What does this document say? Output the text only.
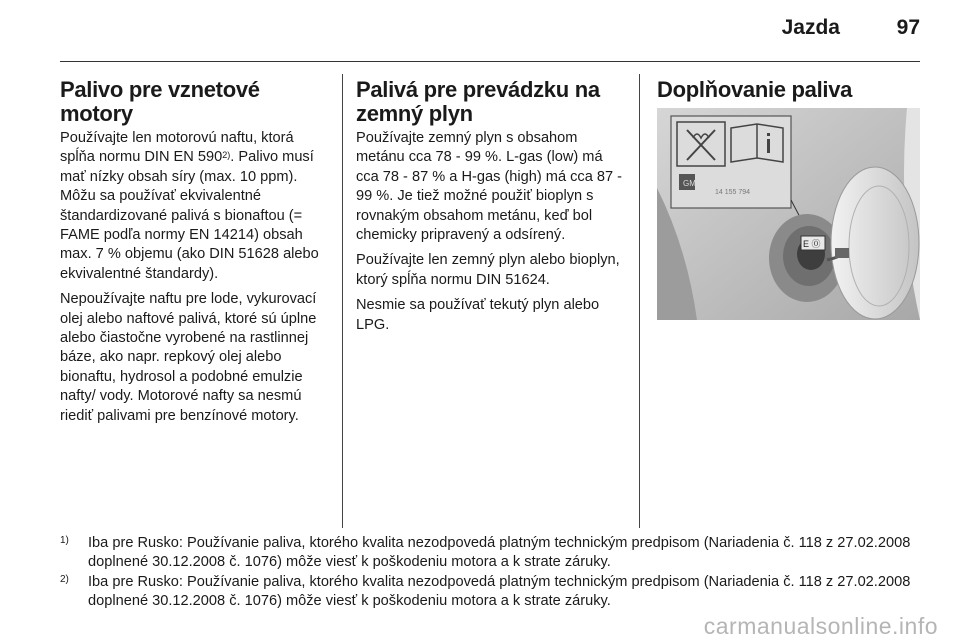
Jazda	97
Palivo pre vznetové motory

Používajte len motorovú naftu, ktorá spĺňa normu DIN EN 590$^{2)}$. Palivo musí mať nízky obsah síry (max. 10 ppm). Môžu sa používať ekvivalentné štandardizované palivá s bionaftou (= FAME podľa normy EN 14214) obsah max. 7 % objemu (ako DIN 51628 alebo ekvivalentné štandardy).

Nepoužívajte naftu pre lode, vykurovací olej alebo naftové palivá, ktoré sú úplne alebo čiastočne vyrobené na rastlinnej báze, ako napr. repkový olej alebo bionaftu, hydrosol a podobné emulzie nafty/ vody. Motorové nafty sa nesmú riediť palivami pre benzínové motory.

Palivá pre prevádzku na zemný plyn

Používajte zemný plyn s obsahom metánu cca 78 - 99 %. L-gas (low) má cca 78 - 87 % a H-gas (high) má cca 87 - 99 %. Je tiež možné použiť bioplyn s rovnakým obsahom metánu, keď bol chemicky pripravený a odsírený.

Používajte len zemný plyn alebo bioplyn, ktorý spĺňa normu DIN 51624.

Nesmie sa používať tekutý plyn alebo LPG.

Doplňovanie paliva
GM
14 155 794
E ⓪
1) Iba pre Rusko: Používanie paliva, ktorého kvalita nezodpovedá platným technickým predpisom (Nariadenia č. 118 z 27.02.2008 doplnené 30.12.2008 č. 1076) môže viesť k poškodeniu motora a k strate záruky.
2) Iba pre Rusko: Používanie paliva, ktorého kvalita nezodpovedá platným technickým predpisom (Nariadenia č. 118 z 27.02.2008 doplnené 30.12.2008 č. 1076) môže viesť k poškodeniu motora a k strate záruky.
carmanualsonline.info
